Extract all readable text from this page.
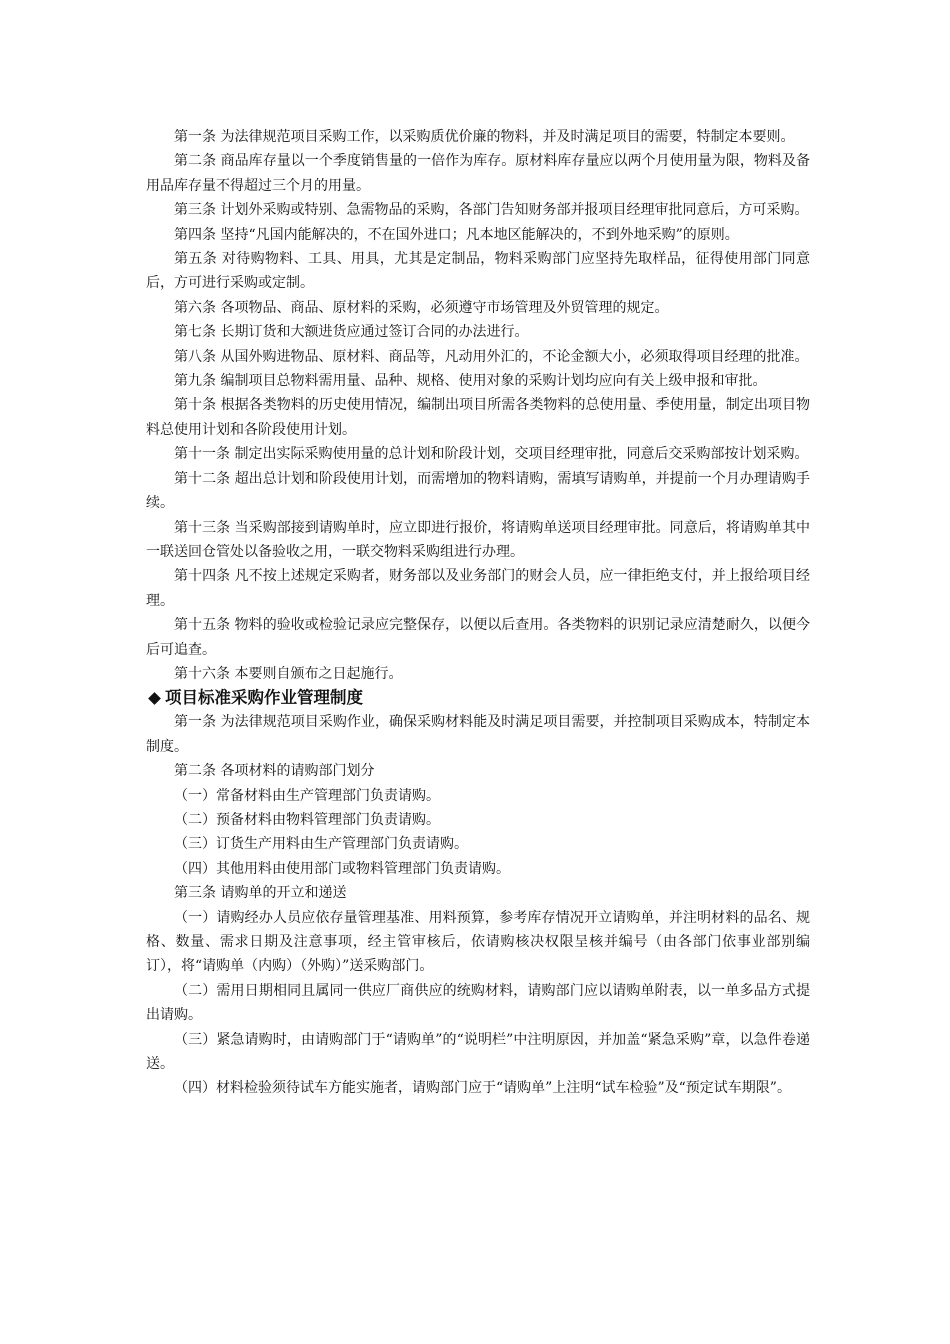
第一条 为法律规范项目采购工作，以采购质优价廉的物料，并及时满足项目的需要，特制定本要则。

第二条 商品库存量以一个季度销售量的一倍作为库存。原材料库存量应以两个月使用量为限，物料及备用品库存量不得超过三个月的用量。

第三条 计划外采购或特别、急需物品的采购，各部门告知财务部并报项目经理审批同意后，方可采购。

第四条 坚持“凡国内能解决的，不在国外进口；凡本地区能解决的，不到外地采购”的原则。

第五条 对待购物料、工具、用具，尤其是定制品，物料采购部门应坚持先取样品，征得使用部门同意后，方可进行采购或定制。

第六条 各项物品、商品、原材料的采购，必须遵守市场管理及外贸管理的规定。

第七条 长期订货和大额进货应通过签订合同的办法进行。

第八条 从国外购进物品、原材料、商品等，凡动用外汇的，不论金额大小，必须取得项目经理的批准。

第九条 编制项目总物料需用量、品种、规格、使用对象的采购计划均应向有关上级申报和审批。

第十条 根据各类物料的历史使用情况，编制出项目所需各类物料的总使用量、季使用量，制定出项目物料总使用计划和各阶段使用计划。

第十一条 制定出实际采购使用量的总计划和阶段计划，交项目经理审批，同意后交采购部按计划采购。

第十二条 超出总计划和阶段使用计划，而需增加的物料请购，需填写请购单，并提前一个月办理请购手续。

第十三条 当采购部接到请购单时，应立即进行报价，将请购单送项目经理审批。同意后，将请购单其中一联送回仓管处以备验收之用，一联交物料采购组进行办理。

第十四条 凡不按上述规定采购者，财务部以及业务部门的财会人员，应一律拒绝支付，并上报给项目经理。

第十五条 物料的验收或检验记录应完整保存，以便以后查用。各类物料的识别记录应清楚耐久，以便今后可追查。

第十六条 本要则自颁布之日起施行。

项目标准采购作业管理制度

第一条 为法律规范项目采购作业，确保采购材料能及时满足项目需要，并控制项目采购成本，特制定本制度。

第二条 各项材料的请购部门划分

（一）常备材料由生产管理部门负责请购。

（二）预备材料由物料管理部门负责请购。

（三）订货生产用料由生产管理部门负责请购。

（四）其他用料由使用部门或物料管理部门负责请购。

第三条 请购单的开立和递送

（一）请购经办人员应依存量管理基准、用料预算，参考库存情况开立请购单，并注明材料的品名、规格、数量、需求日期及注意事项，经主管审核后，依请购核决权限呈核并编号（由各部门依事业部别编订），将“请购单（内购）（外购）”送采购部门。

（二）需用日期相同且属同一供应厂商供应的统购材料，请购部门应以请购单附表，以一单多品方式提出请购。

（三）紧急请购时，由请购部门于“请购单”的“说明栏”中注明原因，并加盖“紧急采购”章，以急件卷递送。

（四）材料检验须待试车方能实施者，请购部门应于“请购单”上注明“试车检验”及“预定试车期限”。
